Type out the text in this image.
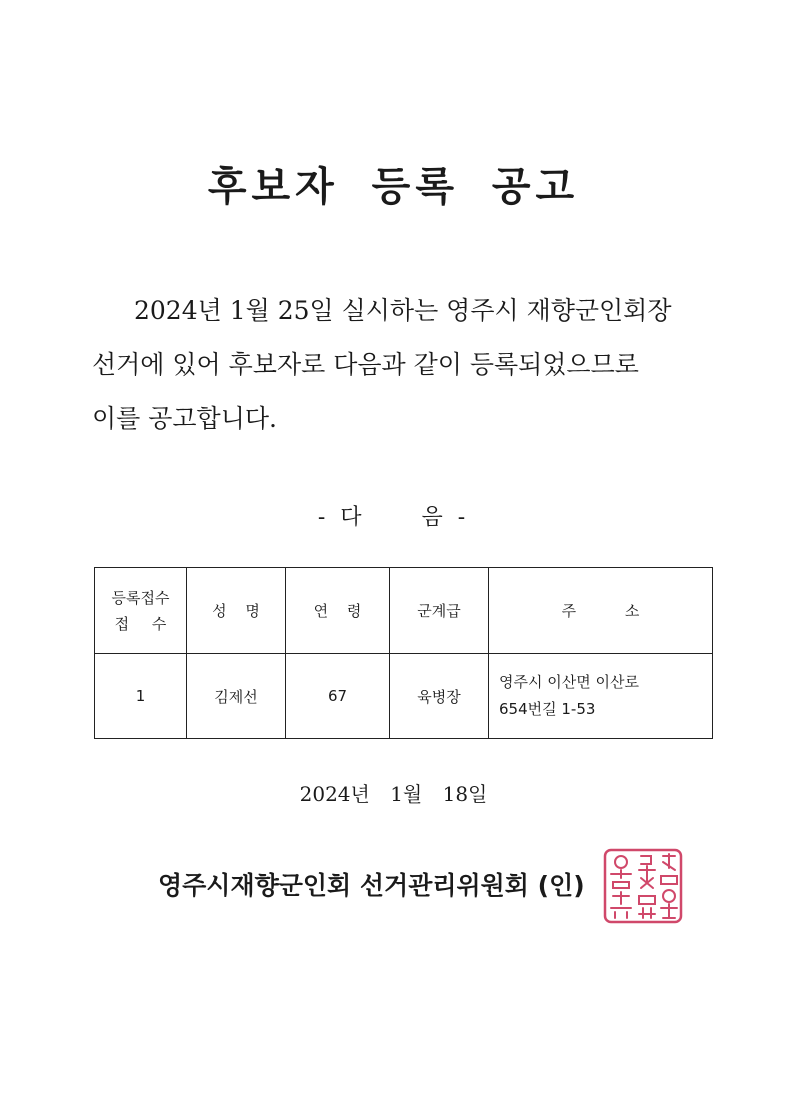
후보자 등록 공고
2024년 1월 25일 실시하는 영주시 재향군인회장
선거에 있어 후보자로 다음과 같이 등록되었으므로
이를 공고합니다.
- 다	음 -
등록접수
접 수	성 명	연 령	군계급	주 소
1	김제선	67	육병장	영주시 이산면 이산로
654번길 1-53
2024년 1월 18일
영주시재향군인회 선거관리위원회 (인)
